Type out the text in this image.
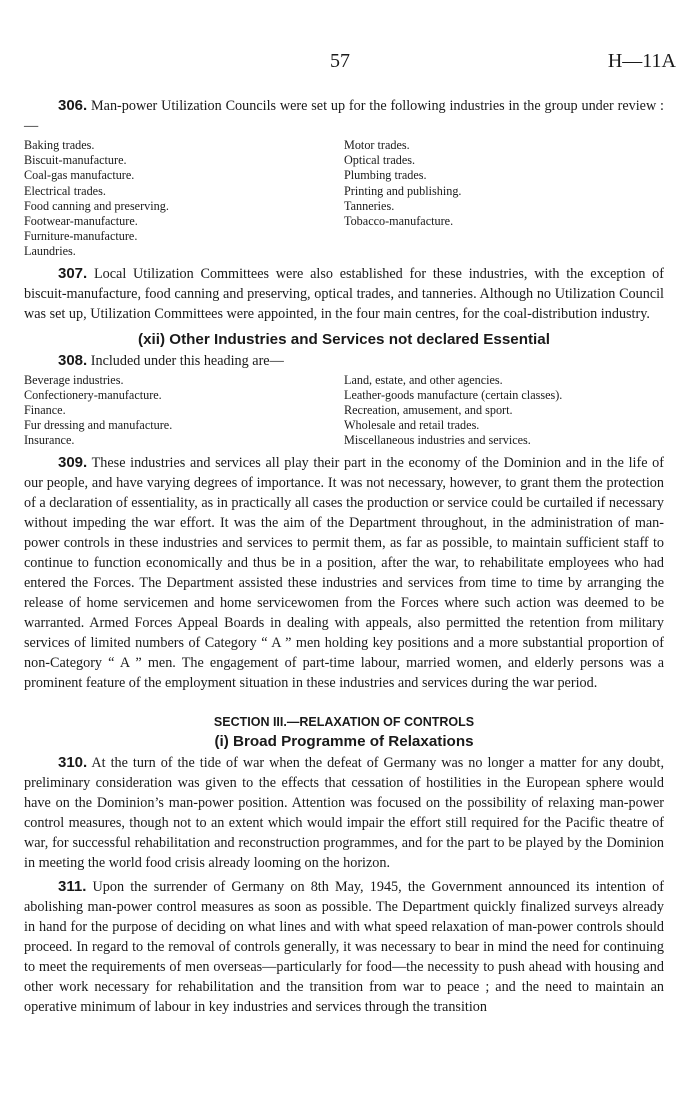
57	H—11A

306. Man-power Utilization Councils were set up for the following industries in the group under review :—

Baking trades.
Biscuit-manufacture.
Coal-gas manufacture.
Electrical trades.
Food canning and preserving.
Footwear-manufacture.
Furniture-manufacture.
Laundries.
Motor trades.
Optical trades.
Plumbing trades.
Printing and publishing.
Tanneries.
Tobacco-manufacture.

307. Local Utilization Committees were also established for these industries, with the exception of biscuit-manufacture, food canning and preserving, optical trades, and tanneries. Although no Utilization Council was set up, Utilization Committees were appointed, in the four main centres, for the coal-distribution industry.

(xii) Other Industries and Services not declared Essential

308. Included under this heading are—

Beverage industries.
Confectionery-manufacture.
Finance.
Fur dressing and manufacture.
Insurance.
Land, estate, and other agencies.
Leather-goods manufacture (certain classes).
Recreation, amusement, and sport.
Wholesale and retail trades.
Miscellaneous industries and services.

309. These industries and services all play their part in the economy of the Dominion and in the life of our people, and have varying degrees of importance. It was not necessary, however, to grant them the protection of a declaration of essentiality, as in practically all cases the production or service could be curtailed if necessary without impeding the war effort. It was the aim of the Department throughout, in the administration of man-power controls in these industries and services to permit them, as far as possible, to maintain sufficient staff to continue to function economically and thus be in a position, after the war, to rehabilitate employees who had entered the Forces. The Department assisted these industries and services from time to time by arranging the release of home servicemen and home servicewomen from the Forces where such action was deemed to be warranted. Armed Forces Appeal Boards in dealing with appeals, also permitted the retention from military services of limited numbers of Category “ A ” men holding key positions and a more substantial proportion of non-Category “ A ” men. The engagement of part-time labour, married women, and elderly persons was a prominent feature of the employment situation in these industries and services during the war period.

SECTION III.—RELAXATION OF CONTROLS
(i) Broad Programme of Relaxations

310. At the turn of the tide of war when the defeat of Germany was no longer a matter for any doubt, preliminary consideration was given to the effects that cessation of hostilities in the European sphere would have on the Dominion’s man-power position. Attention was focused on the possibility of relaxing man-power control measures, though not to an extent which would impair the effort still required for the Pacific theatre of war, for successful rehabilitation and reconstruction programmes, and for the part to be played by the Dominion in meeting the world food crisis already looming on the horizon.

311. Upon the surrender of Germany on 8th May, 1945, the Government announced its intention of abolishing man-power control measures as soon as possible. The Department quickly finalized surveys already in hand for the purpose of deciding on what lines and with what speed relaxation of man-power controls should proceed. In regard to the removal of controls generally, it was necessary to bear in mind the need for continuing to meet the requirements of men overseas—particularly for food—the necessity to push ahead with housing and other work necessary for rehabilitation and the transition from war to peace ; and the need to maintain an operative minimum of labour in key industries and services through the transition
